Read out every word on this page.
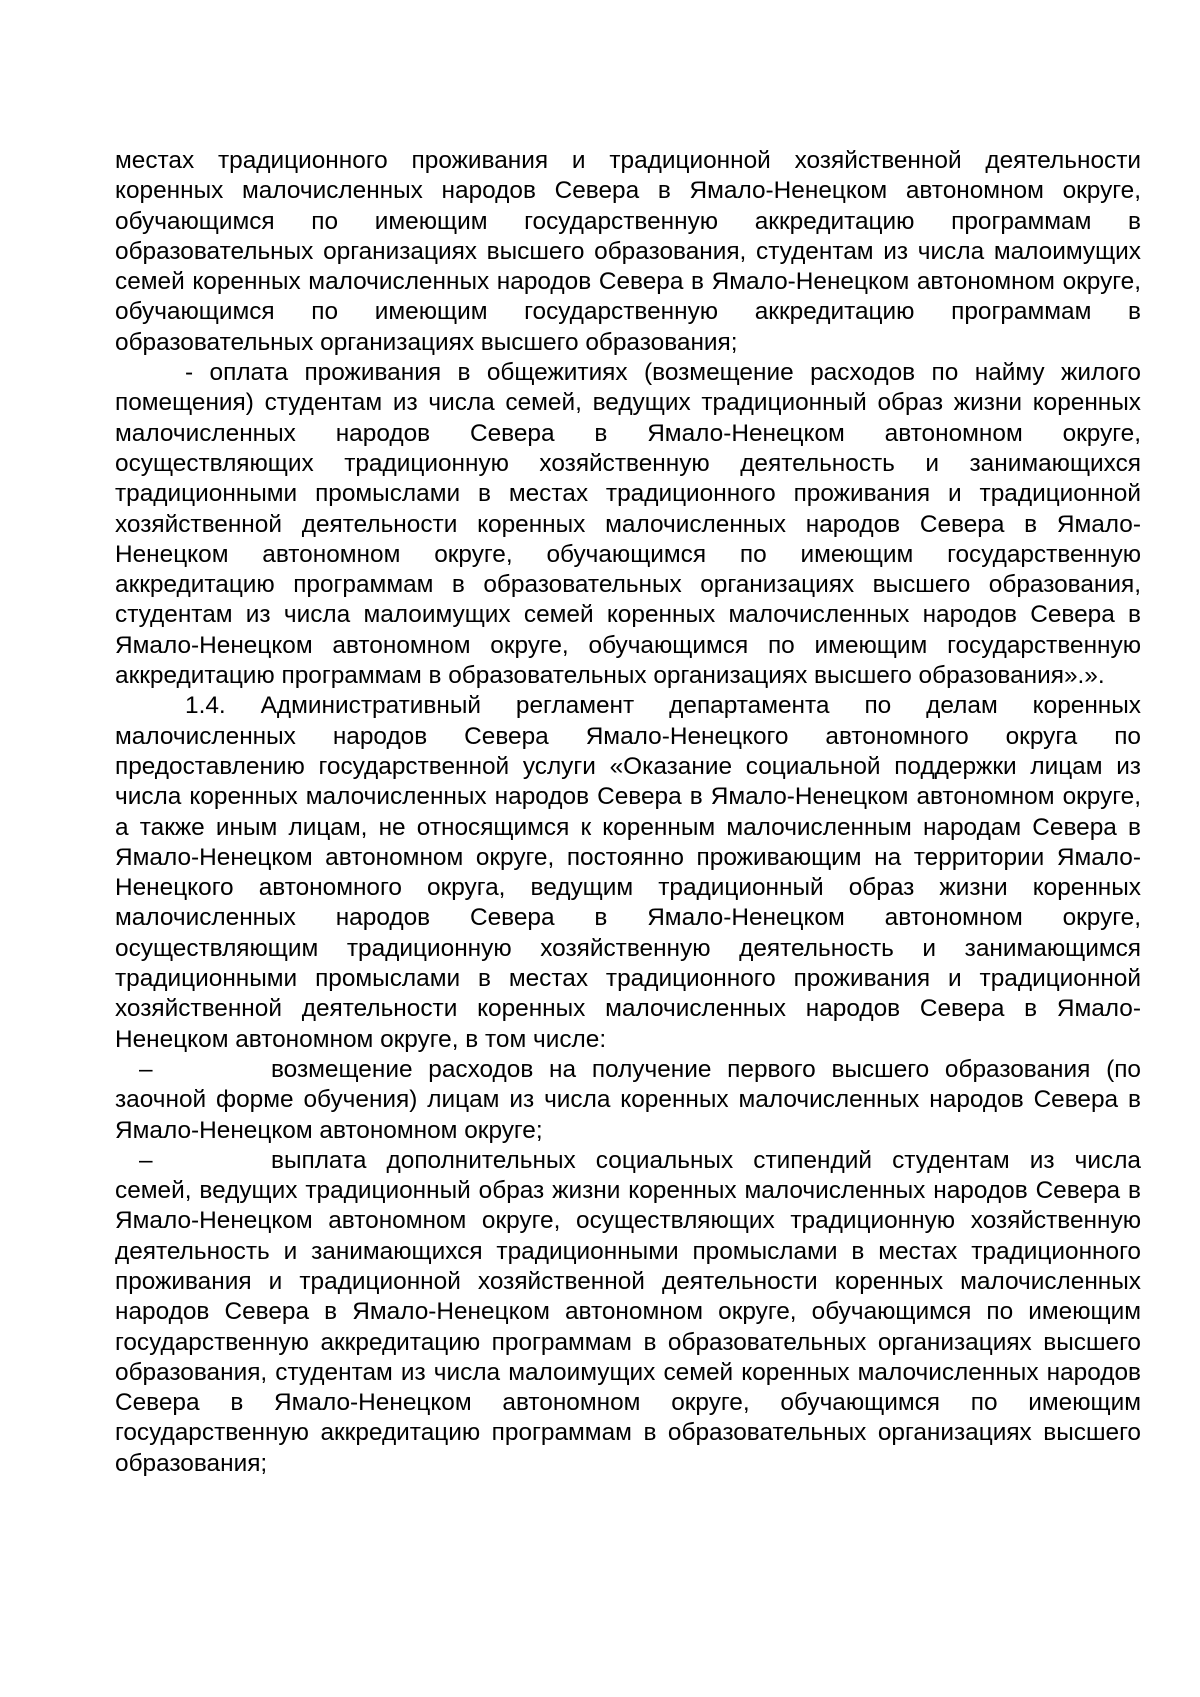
местах традиционного проживания и традиционной хозяйственной деятельности коренных малочисленных народов Севера в Ямало-Ненецком автономном округе, обучающимся по имеющим государственную аккредитацию программам в образовательных организациях высшего образования, студентам из числа малоимущих семей коренных малочисленных народов Севера в Ямало-Ненецком автономном округе, обучающимся по имеющим государственную аккредитацию программам в образовательных организациях высшего образования;

- оплата проживания в общежитиях (возмещение расходов по найму жилого помещения) студентам из числа семей, ведущих традиционный образ жизни коренных малочисленных народов Севера в Ямало-Ненецком автономном округе, осуществляющих традиционную хозяйственную деятельность и занимающихся традиционными промыслами в местах традиционного проживания и традиционной хозяйственной деятельности коренных малочисленных народов Севера в Ямало-Ненецком автономном округе, обучающимся по имеющим государственную аккредитацию программам в образовательных организациях высшего образования, студентам из числа малоимущих семей коренных малочисленных народов Севера в Ямало-Ненецком автономном округе, обучающимся по имеющим государственную аккредитацию программам в образовательных организациях высшего образования».».

1.4. Административный регламент департамента по делам коренных малочисленных народов Севера Ямало-Ненецкого автономного округа по предоставлению государственной услуги «Оказание социальной поддержки лицам из числа коренных малочисленных народов Севера в Ямало-Ненецком автономном округе, а также иным лицам, не относящимся к коренным малочисленным народам Севера в Ямало-Ненецком автономном округе, постоянно проживающим на территории Ямало-Ненецкого автономного округа, ведущим традиционный образ жизни коренных малочисленных народов Севера в Ямало-Ненецком автономном округе, осуществляющим традиционную хозяйственную деятельность и занимающимся традиционными промыслами в местах традиционного проживания и традиционной хозяйственной деятельности коренных малочисленных народов Севера в Ямало-Ненецком автономном округе, в том числе:

–	возмещение расходов на получение первого высшего образования (по заочной форме обучения) лицам из числа коренных малочисленных народов Севера в Ямало-Ненецком автономном округе;

–	выплата дополнительных социальных стипендий студентам из числа семей, ведущих традиционный образ жизни коренных малочисленных народов Севера в Ямало-Ненецком автономном округе, осуществляющих традиционную хозяйственную деятельность и занимающихся традиционными промыслами в местах традиционного проживания и традиционной хозяйственной деятельности коренных малочисленных народов Севера в Ямало-Ненецком автономном округе, обучающимся по имеющим государственную аккредитацию программам в образовательных организациях высшего образования, студентам из числа малоимущих семей коренных малочисленных народов Севера в Ямало-Ненецком автономном округе, обучающимся по имеющим государственную аккредитацию программам в образовательных организациях высшего образования;
